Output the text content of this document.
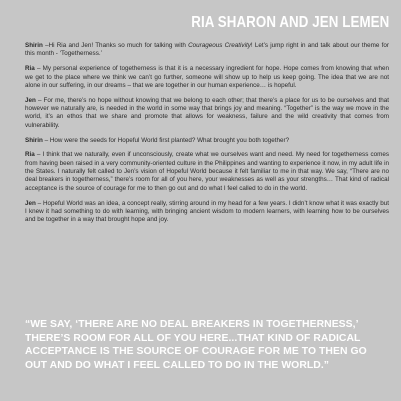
RIA SHARON AND JEN LEMEN

Shirin –Hi Ria and Jen! Thanks so much for talking with Courageous Creativity! Let’s jump right in and talk about our theme for this month - ‘Togetherness.’

Ria – My personal experience of togetherness is that it is a necessary ingredient for hope. Hope comes from knowing that when we get to the place where we think we can’t go further, someone will show up to help us keep going. The idea that we are not alone in our suffering, in our dreams – that we are together in our human experience… is hopeful.

Jen – For me, there’s no hope without knowing that we belong to each other; that there’s a place for us to be ourselves and that however we naturally are, is needed in the world in some way that brings joy and meaning. “Together” is the way we move in the world, it’s an ethos that we share and promote that allows for weakness, failure and the wild creativity that comes from vulnerability.

Shirin – How were the seeds for Hopeful World first planted? What brought you both together?

Ria – I think that we naturally, even if unconsciously, create what we ourselves want and need. My need for togetherness comes from having been raised in a very community-oriented culture in the Philippines and wanting to experience it now, in my adult life in the States. I naturally felt called to Jen’s vision of Hopeful World because it felt familiar to me in that way. We say, “There are no deal breakers in togetherness,” there’s room for all of you here, your weaknesses as well as your strengths… That kind of radical acceptance is the source of courage for me to then go out and do what I feel called to do in the world.

Jen – Hopeful World was an idea, a concept really, stirring around in my head for a few years. I didn’t know what it was exactly but I knew it had something to do with learning, with bringing ancient wisdom to modern learners, with learning how to be ourselves and be together in a way that brought hope and joy.

“WE SAY, ‘THERE ARE NO DEAL BREAKERS IN TOGETHERNESS,’ THERE’S ROOM FOR ALL OF YOU HERE...THAT KIND OF RADICAL ACCEPTANCE IS THE SOURCE OF COURAGE FOR ME TO THEN GO OUT AND DO WHAT I FEEL CALLED TO DO IN THE WORLD.”
